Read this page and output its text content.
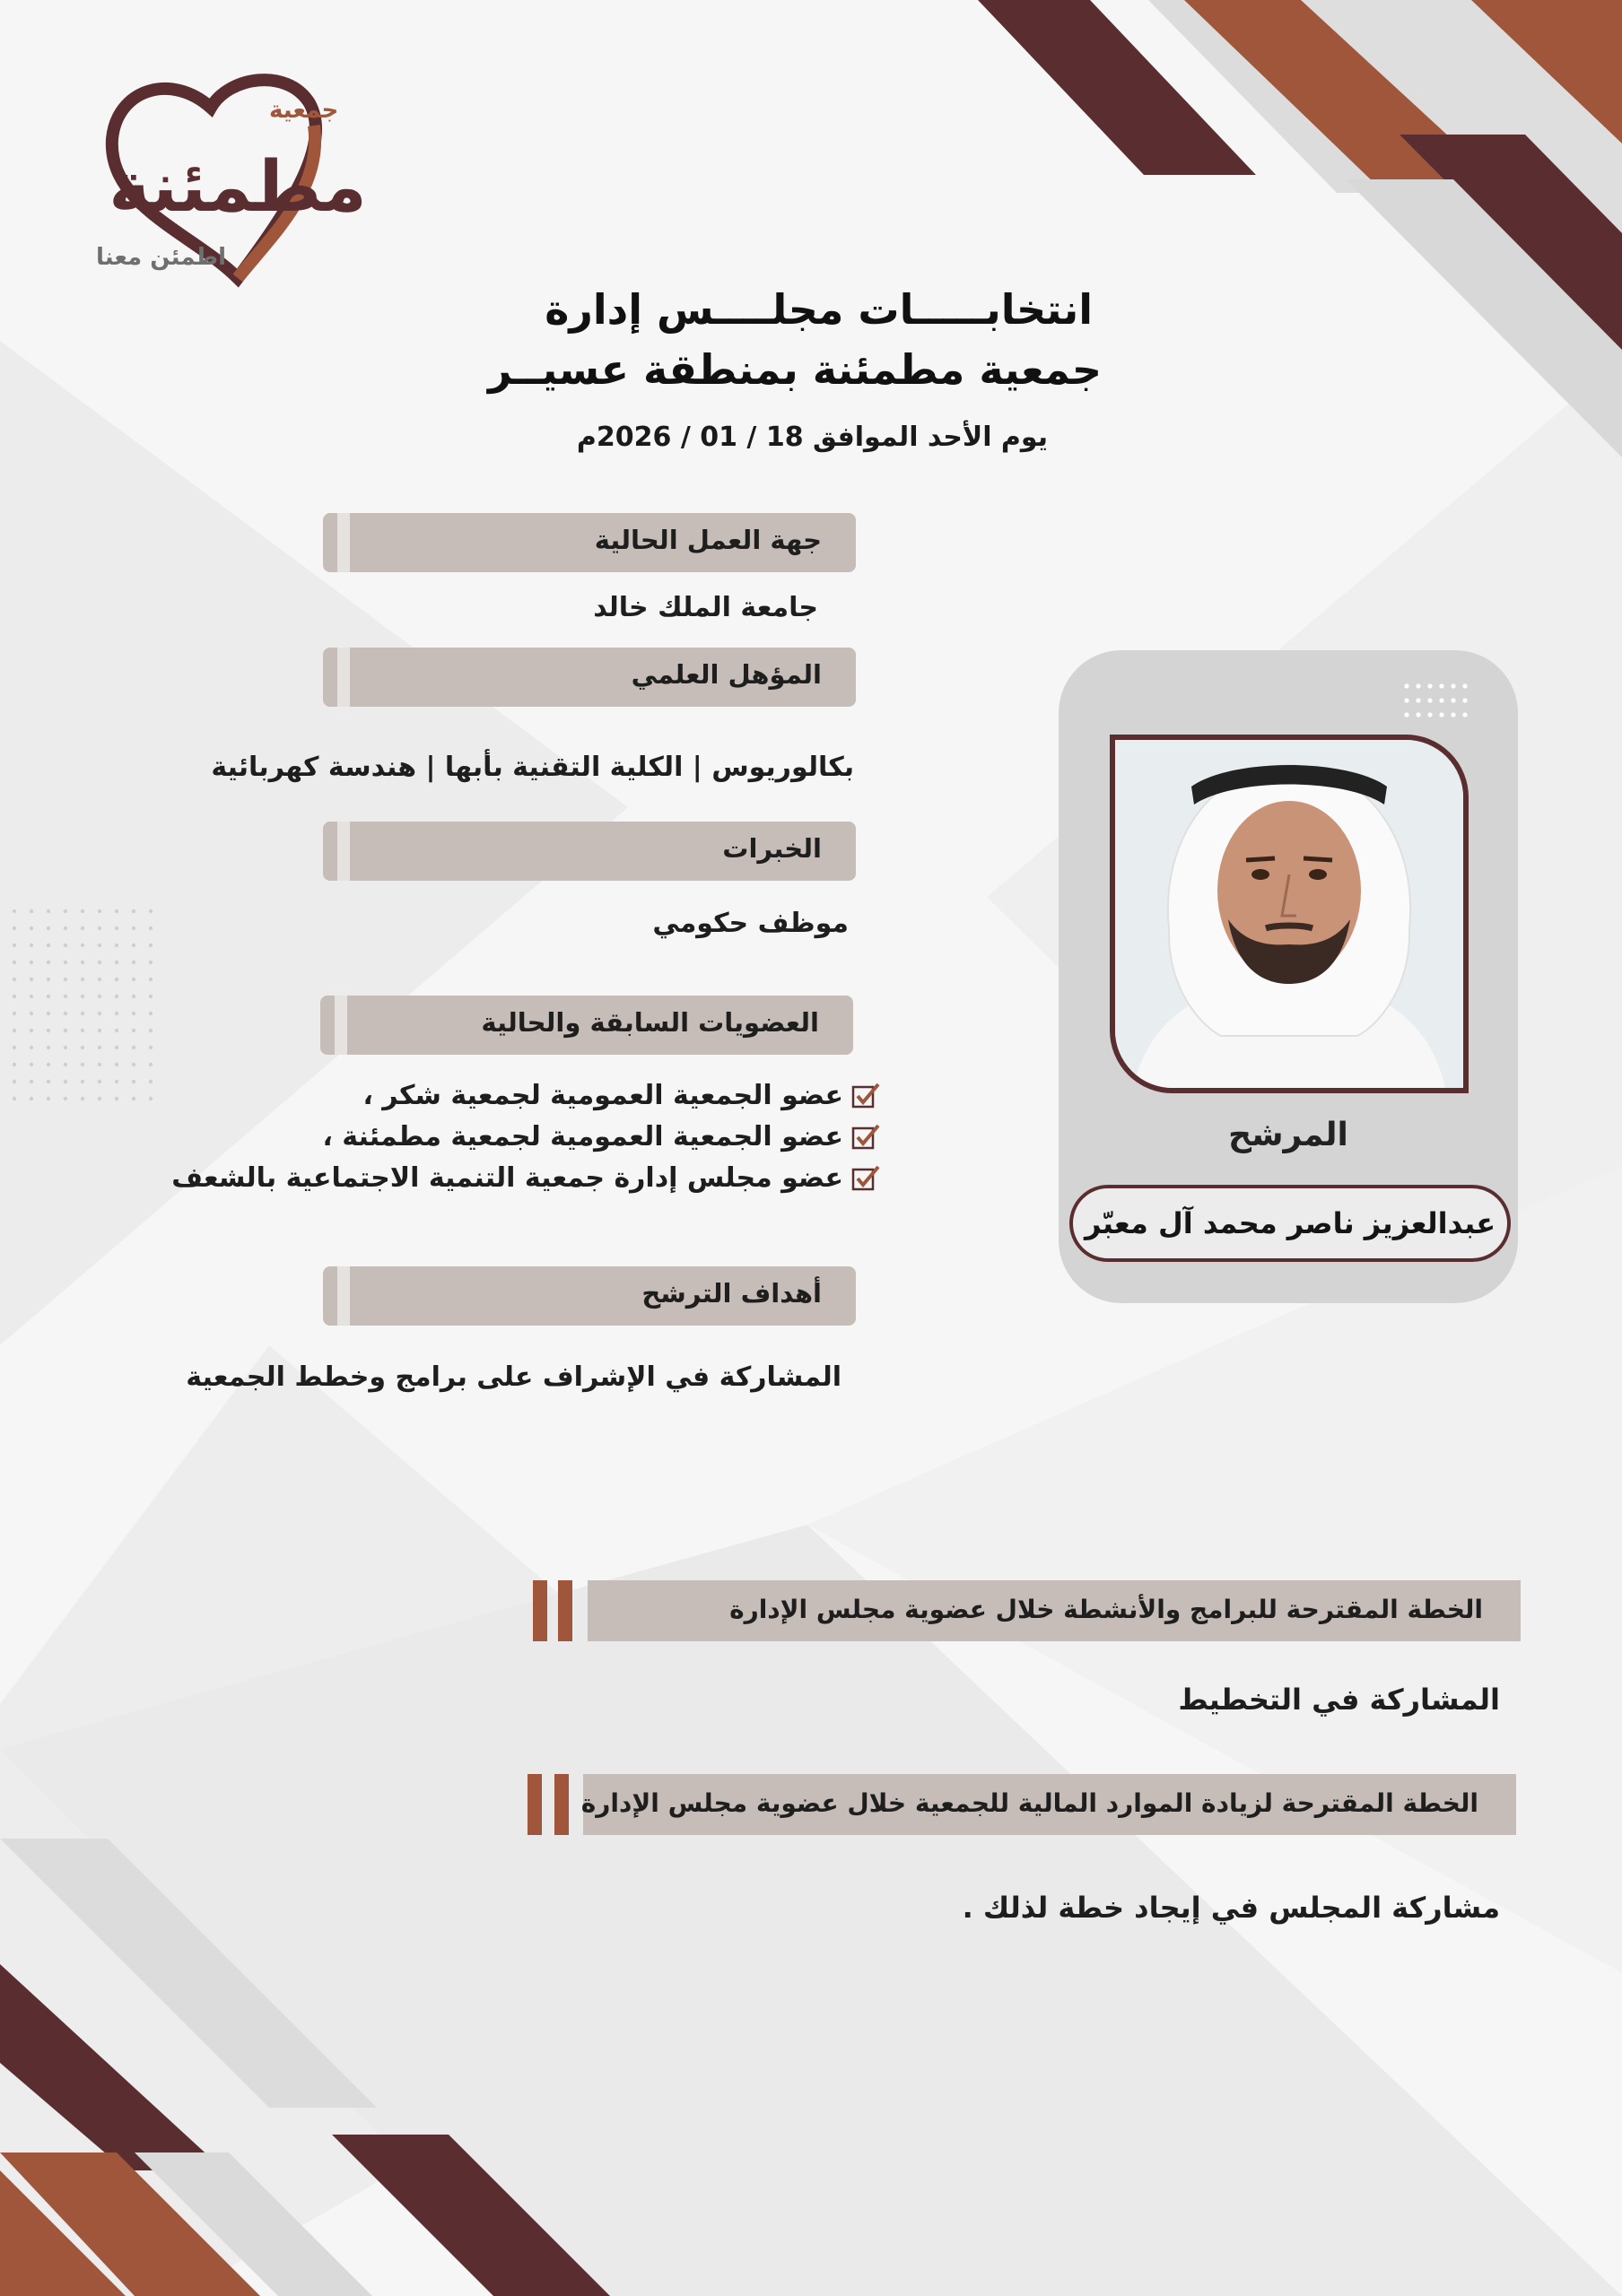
مطمئنة
جمعية
اطمئن معنا
انتخابـــــات مجلــــس إدارة
جمعية مطمئنة بمنطقة عسيــر
يوم الأحد الموافق 18 / 01 / 2026م
جهة العمل الحالية
جامعة الملك خالد
المؤهل العلمي
بكالوريوس | الكلية التقنية بأبها | هندسة كهربائية
الخبرات
موظف حكومي
العضويات السابقة والحالية
عضو الجمعية العمومية لجمعية شكر ،
عضو الجمعية العمومية لجمعية مطمئنة ،
عضو مجلس إدارة جمعية التنمية الاجتماعية بالشعف
أهداف الترشح
المشاركة في الإشراف على برامج وخطط الجمعية
المرشح
عبدالعزيز ناصر محمد آل معبّر
الخطة المقترحة للبرامج والأنشطة خلال عضوية مجلس الإدارة
المشاركة في التخطيط
الخطة المقترحة لزيادة الموارد المالية للجمعية خلال عضوية مجلس الإدارة
مشاركة المجلس في إيجاد خطة لذلك .
